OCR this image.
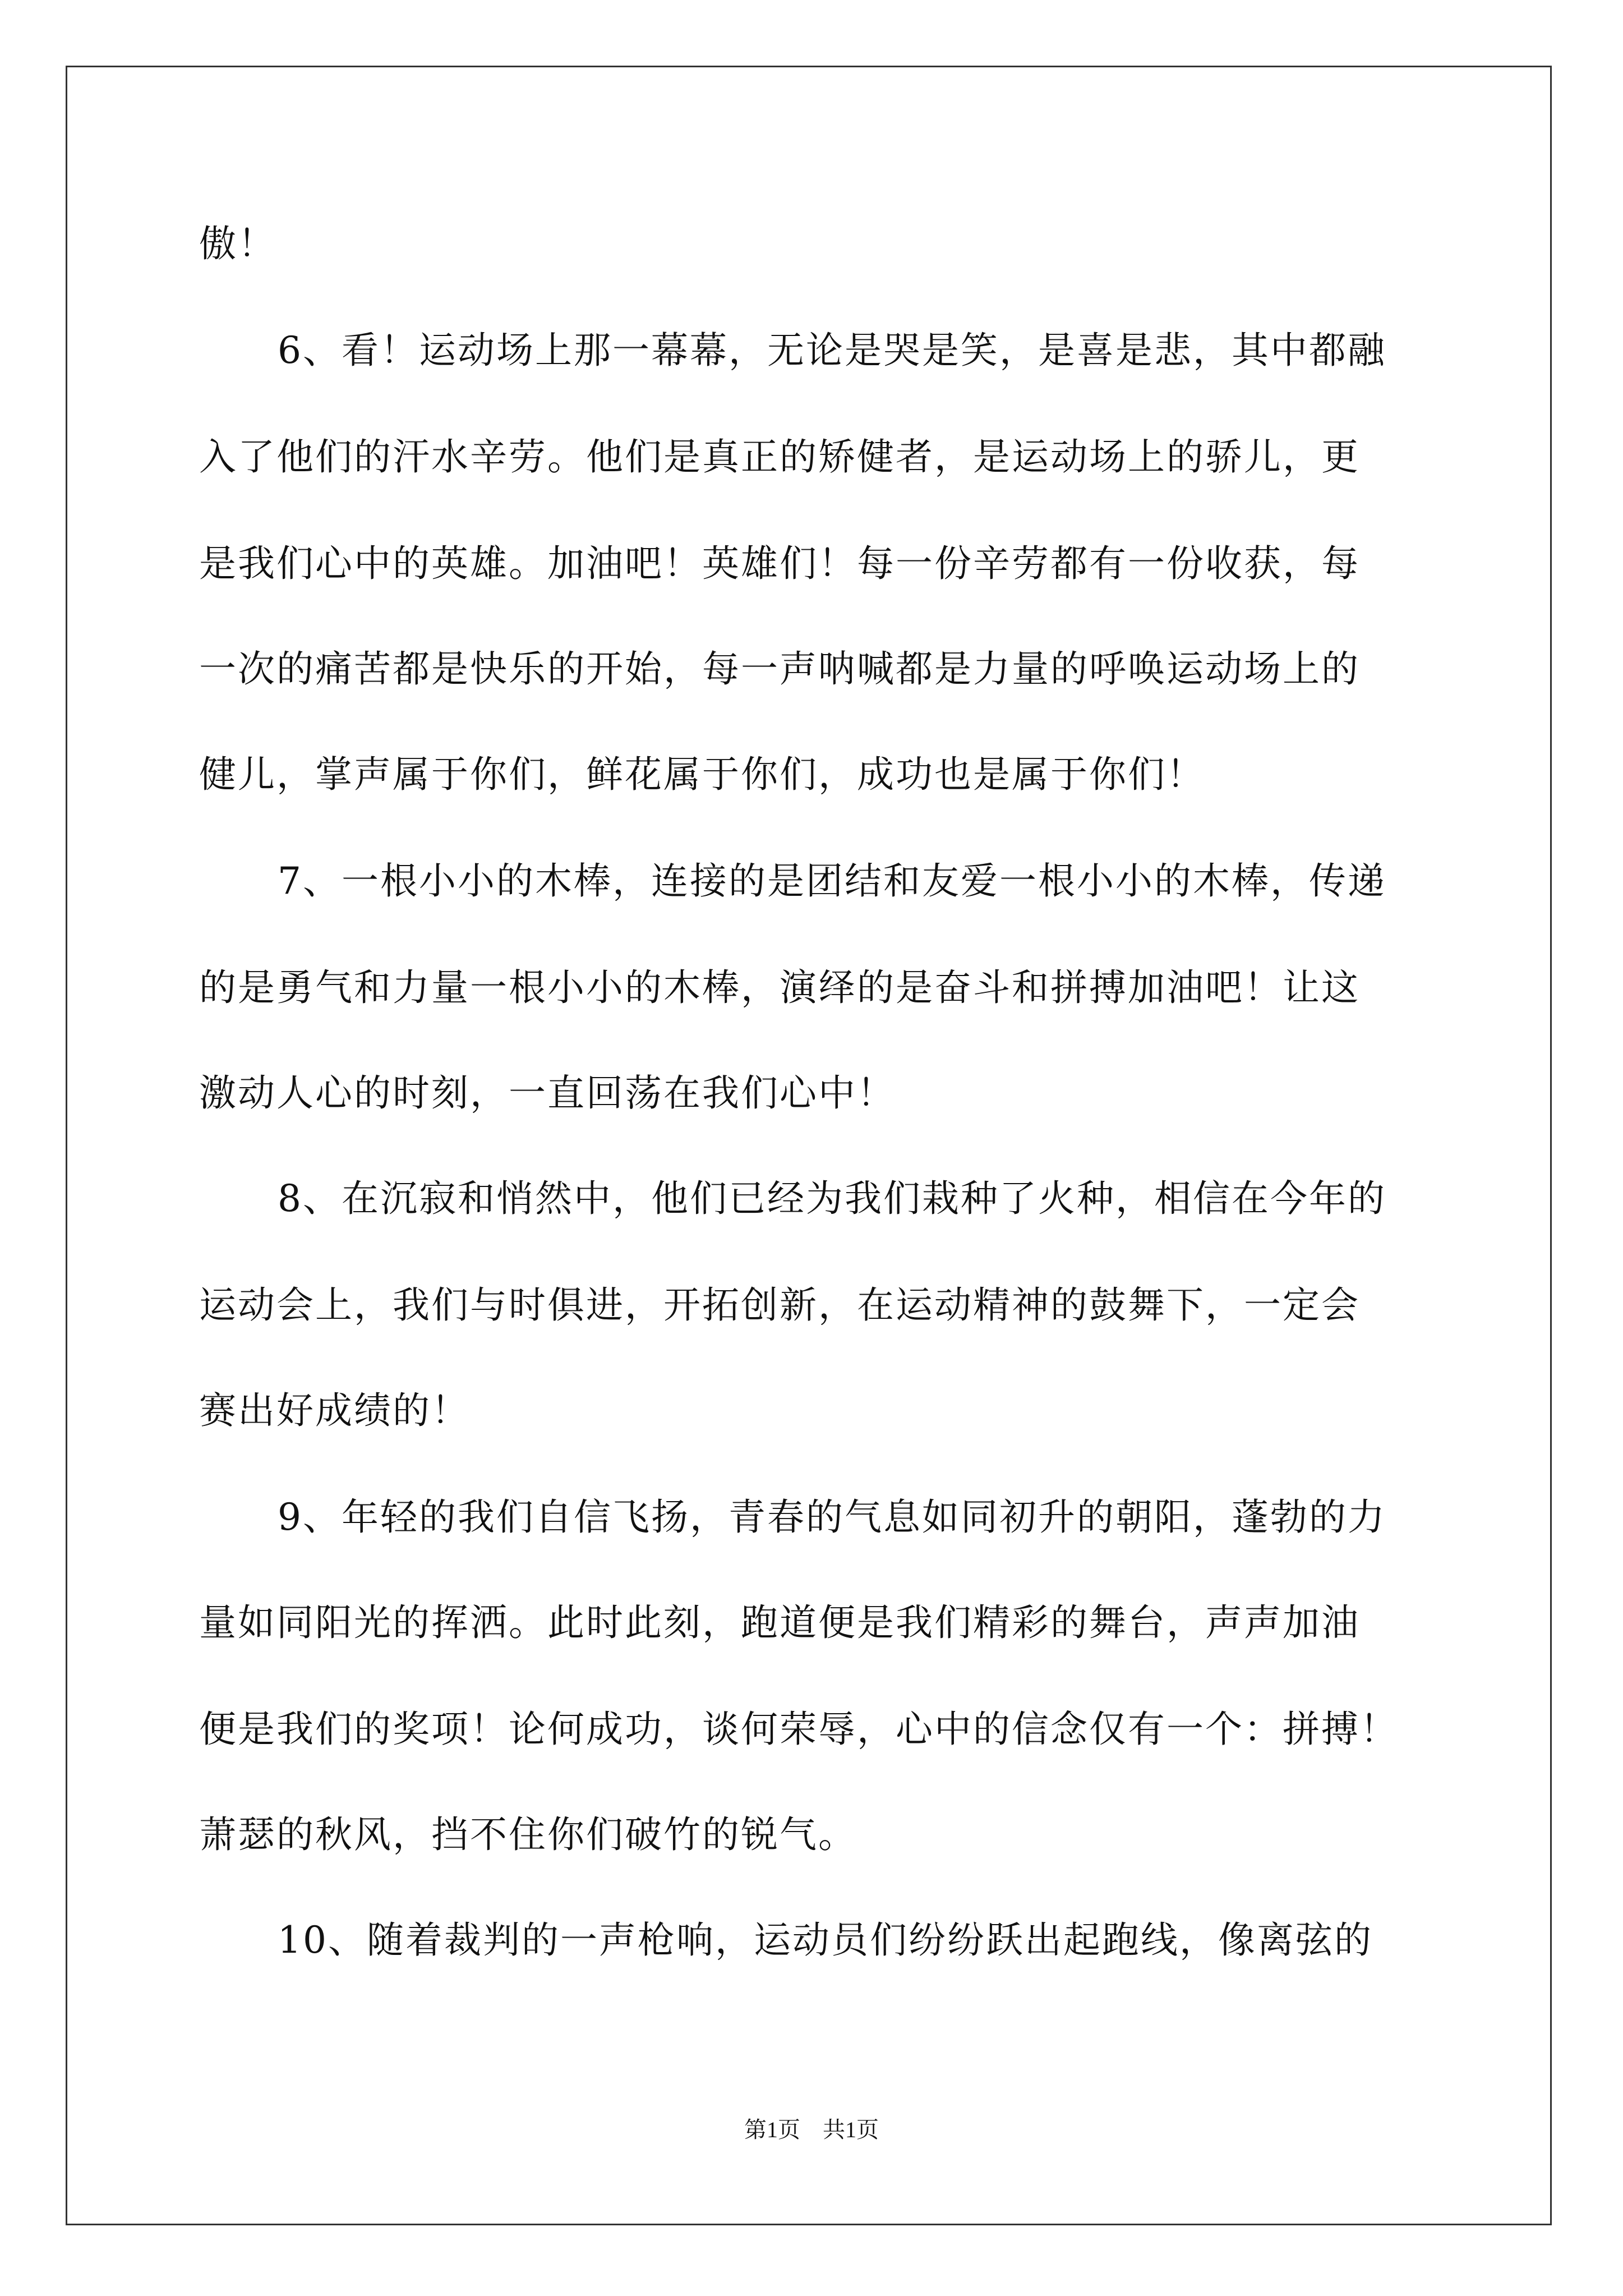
傲！
6、看！运动场上那一幕幕，无论是哭是笑，是喜是悲，其中都融
入了他们的汗水辛劳。他们是真正的矫健者，是运动场上的骄儿，更
是我们心中的英雄。加油吧！英雄们！每一份辛劳都有一份收获，每
一次的痛苦都是快乐的开始，每一声呐喊都是力量的呼唤运动场上的
健儿，掌声属于你们，鲜花属于你们，成功也是属于你们！
7、一根小小的木棒，连接的是团结和友爱一根小小的木棒，传递
的是勇气和力量一根小小的木棒，演绎的是奋斗和拼搏加油吧！让这
激动人心的时刻，一直回荡在我们心中！
8、在沉寂和悄然中，他们已经为我们栽种了火种，相信在今年的
运动会上，我们与时俱进，开拓创新，在运动精神的鼓舞下，一定会
赛出好成绩的！
9、年轻的我们自信飞扬，青春的气息如同初升的朝阳，蓬勃的力
量如同阳光的挥洒。此时此刻，跑道便是我们精彩的舞台，声声加油
便是我们的奖项！论何成功，谈何荣辱，心中的信念仅有一个：拼搏！
萧瑟的秋风，挡不住你们破竹的锐气。
10、随着裁判的一声枪响，运动员们纷纷跃出起跑线，像离弦的
第1页　共1页
